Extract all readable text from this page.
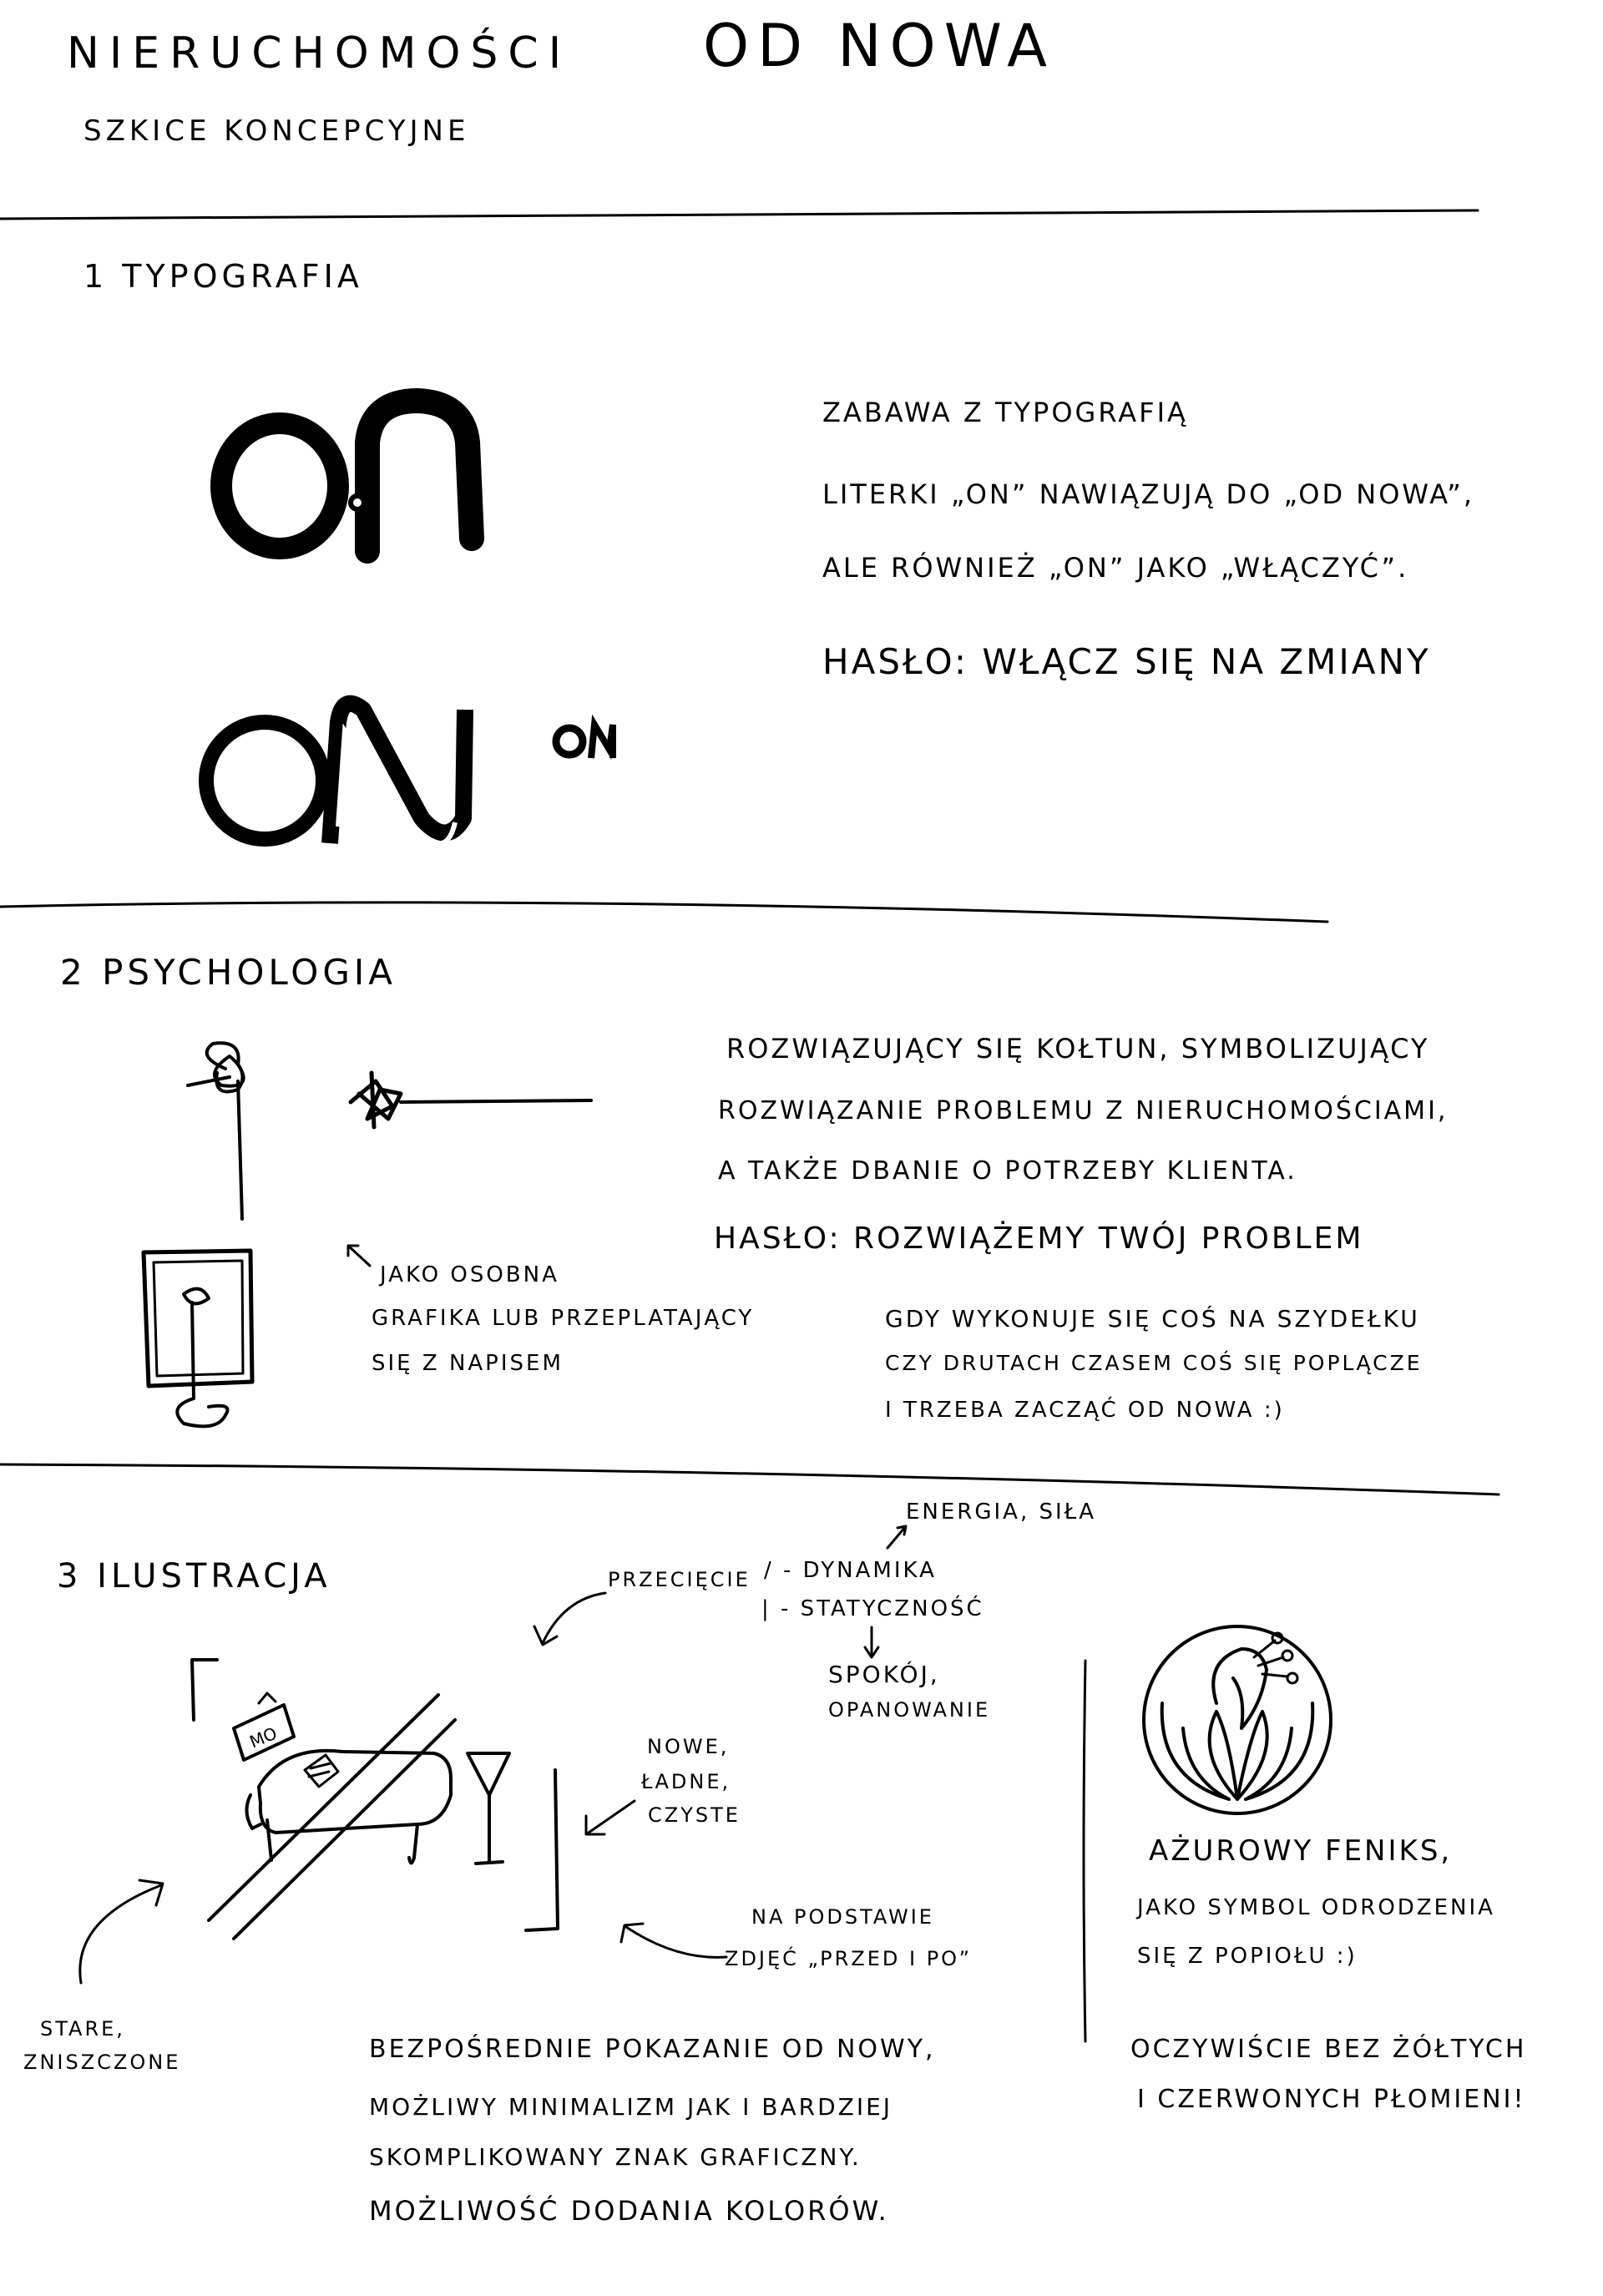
NIERUCHOMOŚCI OD NOWA
SZKICE KONCEPCYJNE
1 TYPOGRAFIA
ZABAWA Z TYPOGRAFIĄ
LITERKI „ON” NAWIĄZUJĄ DO „OD NOWA”,
ALE RÓWNIEŻ „ON” JAKO „WŁĄCZYĆ”.
HASŁO: WŁĄCZ SIĘ NA ZMIANY
2 PSYCHOLOGIA
JAKO OSOBNA
GRAFIKA LUB PRZEPLATAJĄCY
SIĘ Z NAPISEM
ROZWIĄZUJĄCY SIĘ KOŁTUN, SYMBOLIZUJĄCY
ROZWIĄZANIE PROBLEMU Z NIERUCHOMOŚCIAMI,
A TAKŻE DBANIE O POTRZEBY KLIENTA.
HASŁO: ROZWIĄŻEMY TWÓJ PROBLEM
GDY WYKONUJE SIĘ COŚ NA SZYDEŁKU
CZY DRUTACH CZASEM COŚ SIĘ POPLĄCZE
I TRZEBA ZACZĄĆ OD NOWA :)
3 ILUSTRACJA
ENERGIA, SIŁA
PRZECIĘCIE / - DYNAMIKA
| - STATYCZNOŚĆ
SPOKÓJ,
OPANOWANIE
MO	NOWE,
ŁADNE,
CZYSTE
NA PODSTAWIE
ZDJĘĆ „PRZED I PO”
STARE,
ZNISZCZONE	BEZPOŚREDNIE POKAZANIE OD NOWY,
MOŻLIWY MINIMALIZM JAK I BARDZIEJ
SKOMPLIKOWANY ZNAK GRAFICZNY.
MOŻLIWOŚĆ DODANIA KOLORÓW.
AŻUROWY FENIKS,
JAKO SYMBOL ODRODZENIA
SIĘ Z POPIOŁU :)
OCZYWIŚCIE BEZ ŻÓŁTYCH
I CZERWONYCH PŁOMIENI!
